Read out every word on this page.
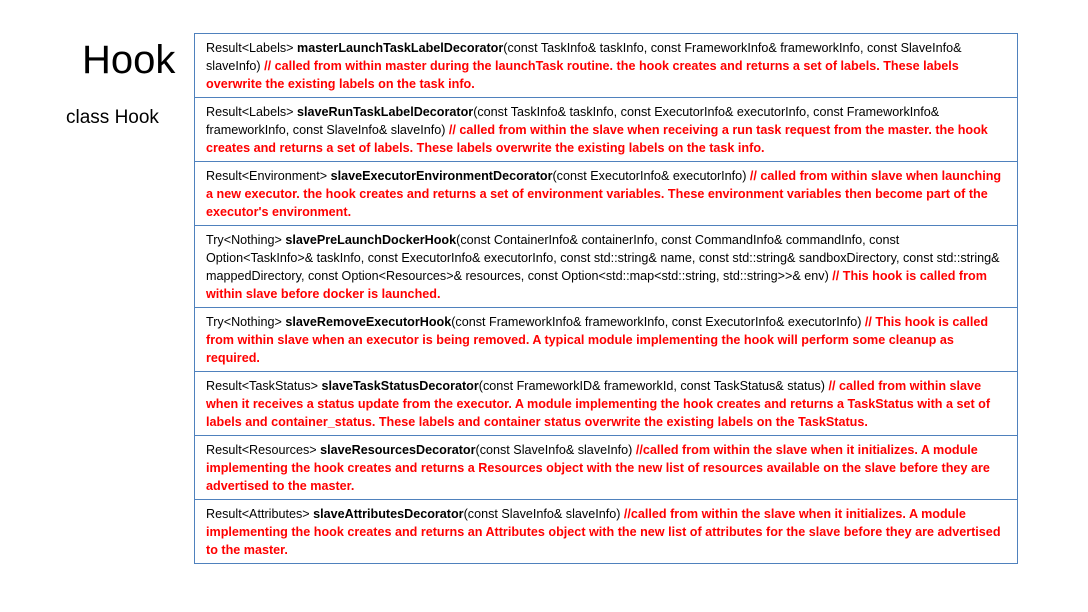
Hook
class Hook
Result<Labels> masterLaunchTaskLabelDecorator(const TaskInfo& taskInfo, const FrameworkInfo& frameworkInfo, const SlaveInfo& slaveInfo) // called from within master during the launchTask routine. the hook creates and returns a set of labels. These labels overwrite the existing labels on the task info.
Result<Labels> slaveRunTaskLabelDecorator(const TaskInfo& taskInfo, const ExecutorInfo& executorInfo, const FrameworkInfo& frameworkInfo, const SlaveInfo& slaveInfo) // called from within the slave when receiving a run task request from the master. the hook creates and returns a set of labels. These labels overwrite the existing labels on the task info.
Result<Environment> slaveExecutorEnvironmentDecorator(const ExecutorInfo& executorInfo) // called from within slave when launching a new executor. the hook creates and returns a set of environment variables. These environment variables then become part of the executor's environment.
Try<Nothing> slavePreLaunchDockerHook(const ContainerInfo& containerInfo, const CommandInfo& commandInfo, const Option<TaskInfo>& taskInfo, const ExecutorInfo& executorInfo, const std::string& name, const std::string& sandboxDirectory, const std::string& mappedDirectory, const Option<Resources>& resources, const Option<std::map<std::string, std::string>>& env) // This hook is called from within slave before docker is launched.
Try<Nothing> slaveRemoveExecutorHook(const FrameworkInfo& frameworkInfo, const ExecutorInfo& executorInfo) // This hook is called from within slave when an executor is being removed. A typical module implementing the hook will perform some cleanup as required.
Result<TaskStatus> slaveTaskStatusDecorator(const FrameworkID& frameworkId, const TaskStatus& status) // called from within slave when it receives a status update from the executor. A module implementing the hook creates and returns a TaskStatus with a set of labels and container_status. These labels and container status overwrite the existing labels on the TaskStatus.
Result<Resources> slaveResourcesDecorator(const SlaveInfo& slaveInfo) //called from within the slave when it initializes. A module implementing the hook creates and returns a Resources object with the new list of resources available on the slave before they are advertised to the master.
Result<Attributes> slaveAttributesDecorator(const SlaveInfo& slaveInfo) //called from within the slave when it initializes. A module implementing the hook creates and returns an Attributes object with the new list of attributes for the slave before they are advertised to the master.
